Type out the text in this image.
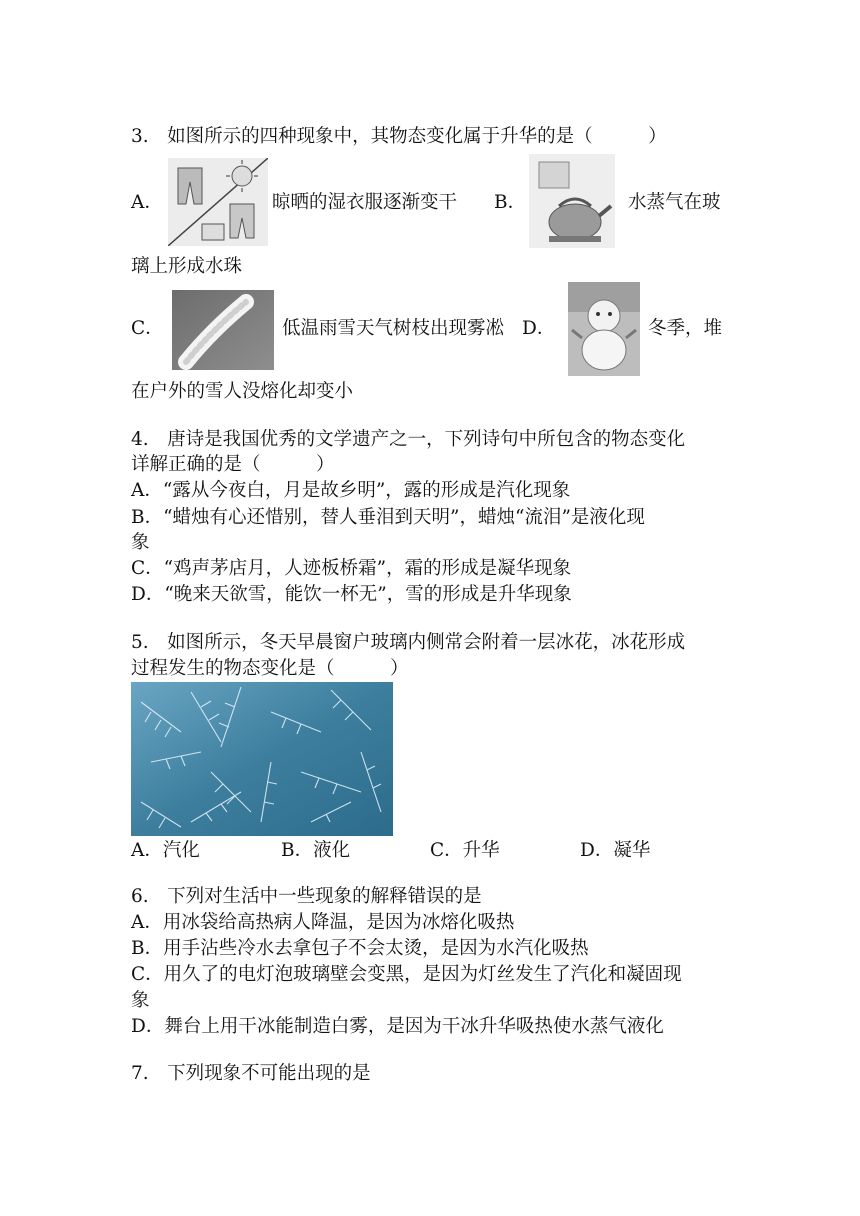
3.　如图所示的四种现象中，其物态变化属于升华的是（　　　）
A．	晾晒的湿衣服逐渐变干 B．	水蒸气在玻
璃上形成水珠
C．	低温雨雪天气树枝出现雾凇 D．	冬季，堆
在户外的雪人没熔化却变小
4.　唐诗是我国优秀的文学遗产之一，下列诗句中所包含的物态变化
详解正确的是（　　　）
A．“露从今夜白，月是故乡明”，露的形成是汽化现象
B．“蜡烛有心还惜别，替人垂泪到天明”，蜡烛“流泪”是液化现
象
C．“鸡声茅店月，人迹板桥霜”，霜的形成是凝华现象
D．“晚来天欲雪，能饮一杯无”，雪的形成是升华现象
5.　如图所示，冬天早晨窗户玻璃内侧常会附着一层冰花，冰花形成
过程发生的物态变化是（　　　）
A．汽化	B．液化	C．升华	D．凝华
6.　下列对生活中一些现象的解释错误的是
A．用冰袋给高热病人降温，是因为冰熔化吸热
B．用手沾些冷水去拿包子不会太烫，是因为水汽化吸热
C．用久了的电灯泡玻璃壁会变黑，是因为灯丝发生了汽化和凝固现
象
D．舞台上用干冰能制造白雾，是因为干冰升华吸热使水蒸气液化
7.　下列现象不可能出现的是
